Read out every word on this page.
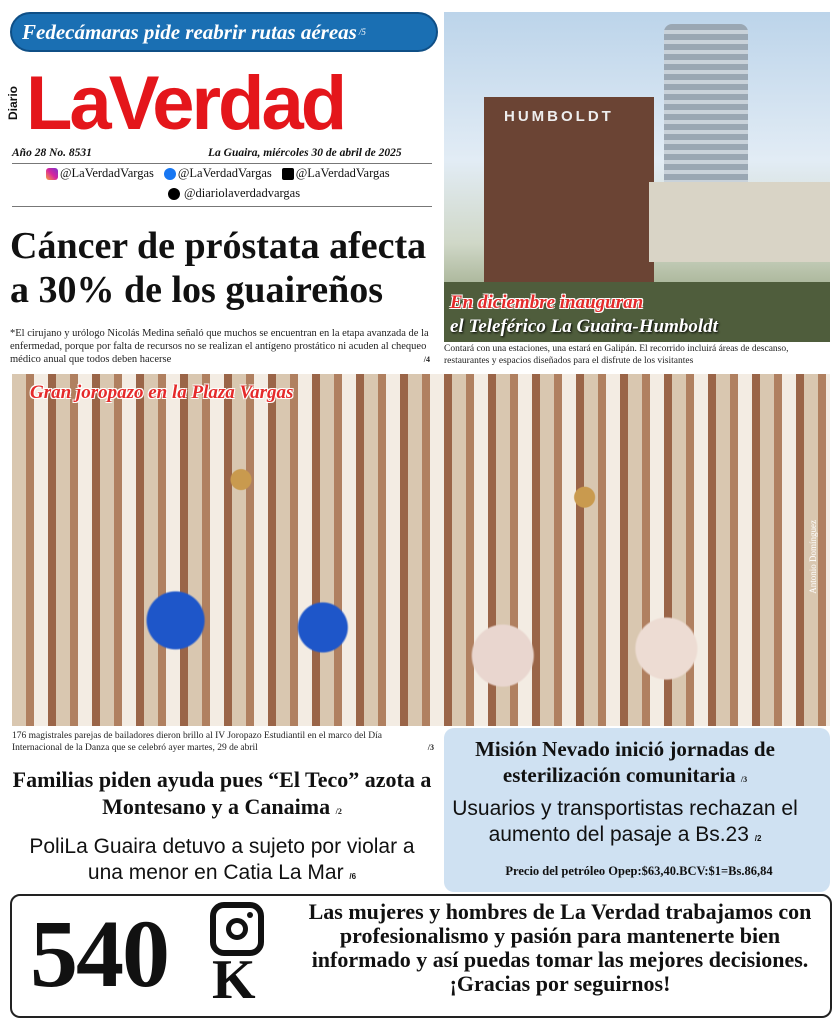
Fedecámaras pide reabrir rutas aéreas /5
Diario LaVerdad
Año 28 No. 8531	La Guaira, miércoles 30 de abril de 2025
@LaVerdadVargas @LaVerdadVargas @LaVerdadVargas
@diariolaverdadvargas
Cáncer de próstata afecta a 30% de los guaireños
*El cirujano y urólogo Nicolás Medina señaló que muchos se encuentran en la etapa avanzada de la enfermedad, porque por falta de recursos no se realizan el antígeno prostático ni acuden al chequeo médico anual que todos deben hacerse	/4
HUMBOLDT
En diciembre inauguran
el Teleférico La Guaira-Humboldt
Contará con una estaciones, una estará en Galipán. El recorrido incluirá áreas de descanso, restaurantes y espacios diseñados para el disfrute de los visitantes
Gran joropazo en la Plaza Vargas
Antonio Domínguez
176 magistrales parejas de bailadores dieron brillo al IV Joropazo Estudiantil en el marco del Día Internacional de la Danza que se celebró ayer martes, 29 de abril	/3
Familias piden ayuda pues “El Teco” azota a Montesano y a Canaima /2
PoliLa Guaira detuvo a sujeto por violar a una menor en Catia La Mar /6
Misión Nevado inició jornadas de esterilización comunitaria /3
Usuarios y transportistas rechazan el aumento del pasaje a Bs.23 /2
Precio del petróleo Opep:$63,40.BCV:$1=Bs.86,84
540 K
Las mujeres y hombres de La Verdad trabajamos con profesionalismo y pasión para mantenerte bien informado y así puedas tomar las mejores decisiones. ¡Gracias por seguirnos!
